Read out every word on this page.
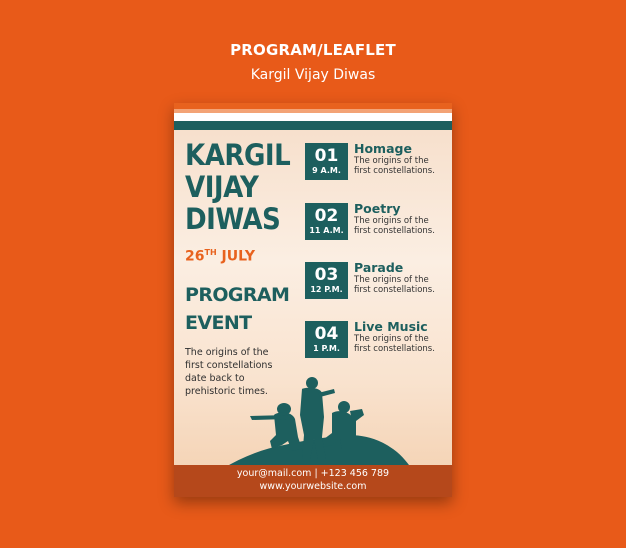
PROGRAM/LEAFLET
Kargil Vijay Diwas
KARGIL
VIJAY
DIWAS
26TH JULY
PROGRAM
EVENT
The origins of the first constellations date back to prehistoric times.
01
9 A.M.
Homage
The origins of the
first constellations.
02
11 A.M.
Poetry
The origins of the
first constellations.
03
12 P.M.
Parade
The origins of the
first constellations.
04
1 P.M.
Live Music
The origins of the
first constellations.
your@mail.com | +123 456 789
www.yourwebsite.com
